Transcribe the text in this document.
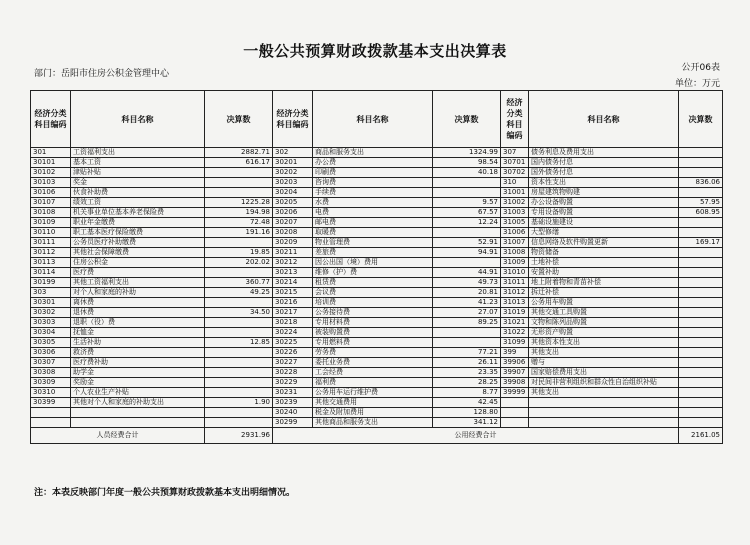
一般公共预算财政拨款基本支出决算表
部门：岳阳市住房公积金管理中心
公开06表
单位：万元
经济分类科目编码	科目名称	决算数	经济分类科目编码	科目名称	决算数	经济分类科目编码	科目名称	决算数
301	工资福利支出	2882.71	302	商品和服务支出	1324.99	307	债务利息及费用支出	
30101	基本工资	616.17	30201	办公费	98.54	30701	国内债务付息	
30102	津贴补贴		30202	印刷费	40.18	30702	国外债务付息	
30103	奖金		30203	咨询费		310	资本性支出	836.06
30106	伙食补助费		30204	手续费		31001	房屋建筑物购建	
30107	绩效工资	1225.28	30205	水费	9.57	31002	办公设备购置	57.95
30108	机关事业单位基本养老保险费	194.98	30206	电费	67.57	31003	专用设备购置	608.95
30109	职业年金缴费	72.48	30207	邮电费	12.24	31005	基础设施建设	
30110	职工基本医疗保险缴费	191.16	30208	取暖费		31006	大型修缮	
30111	公务员医疗补助缴费		30209	物业管理费	52.91	31007	信息网络及软件购置更新	169.17
30112	其他社会保障缴费	19.85	30211	差旅费	94.91	31008	物资储备	
30113	住房公积金	202.02	30212	因公出国（境）费用		31009	土地补偿	
30114	医疗费		30213	维修（护）费	44.91	31010	安置补助	
30199	其他工资福利支出	360.77	30214	租赁费	49.73	31011	地上附着物和青苗补偿	
303	对个人和家庭的补助	49.25	30215	会议费	20.81	31012	拆迁补偿	
30301	离休费		30216	培训费	41.23	31013	公务用车购置	
30302	退休费	34.50	30217	公务接待费	27.07	31019	其他交通工具购置	
30303	退职（役）费		30218	专用材料费	89.25	31021	文物和陈列品购置	
30304	抚恤金		30224	被装购置费		31022	无形资产购置	
30305	生活补助	12.85	30225	专用燃料费		31099	其他资本性支出	
30306	救济费		30226	劳务费	77.21	399	其他支出	
30307	医疗费补助		30227	委托业务费	26.11	39906	赠与	
30308	助学金		30228	工会经费	23.35	39907	国家赔偿费用支出	
30309	奖励金		30229	福利费	28.25	39908	对民间非营利组织和群众性自治组织补贴	
30310	个人农业生产补贴		30231	公务用车运行维护费	8.77	39999	其他支出	
30399	其他对个人和家庭的补助支出	1.90	30239	其他交通费用	42.45			
			30240	税金及附加费用	128.80			
			30299	其他商品和服务支出	341.12			
人员经费合计		2931.96	公用经费合计					2161.05
注：本表反映部门年度一般公共预算财政拨款基本支出明细情况。
